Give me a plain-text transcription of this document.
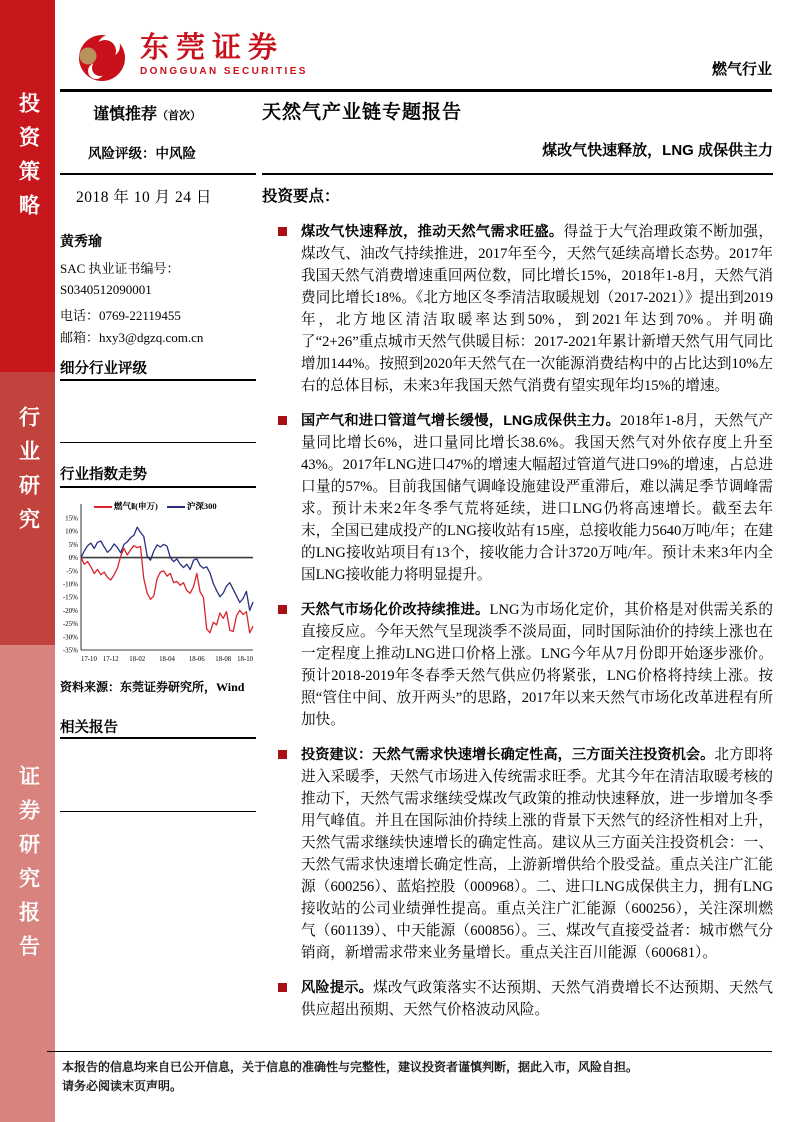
投资策略
行业研究
证券研究报告
东莞证券
DONGGUAN SECURITIES	燃气行业
谨慎推荐（首次）
风险评级：中风险
2018 年 10 月 24 日
黄秀瑜
SAC 执业证书编号：
S0340512090001
电话：0769-22119455
邮箱：hxy3@dgzq.com.cn
细分行业评级
行业指数走势
燃气Ⅱ(申万)	沪深300
15%
10%
5%
0%
-5%
-10%
-15%
-20%
-25%
-30%
-35%
17-10 17-12 18-02 18-04 18-06 18-08 18-10
资料来源：东莞证券研究所，Wind
相关报告
天然气产业链专题报告
煤改气快速释放，LNG 成保供主力
投资要点：
煤改气快速释放，推动天然气需求旺盛。得益于大气治理政策不断加强，煤改气、油改气持续推进，2017年至今，天然气延续高增长态势。2017年我国天然气消费增速重回两位数，同比增长15%，2018年1-8月，天然气消费同比增长18%。《北方地区冬季清洁取暖规划（2017-2021）》提出到2019年，北方地区清洁取暖率达到50%，到2021年达到70%。并明确了“2+26”重点城市天然气供暖目标：2017-2021年累计新增天然气用气同比增加144%。按照到2020年天然气在一次能源消费结构中的占比达到10%左右的总体目标，未来3年我国天然气消费有望实现年均15%的增速。
国产气和进口管道气增长缓慢，LNG成保供主力。2018年1-8月，天然气产量同比增长6%，进口量同比增长38.6%。我国天然气对外依存度上升至43%。2017年LNG进口47%的增速大幅超过管道气进口9%的增速，占总进口量的57%。目前我国储气调峰设施建设严重滞后，难以满足季节调峰需求。预计未来2年冬季气荒将延续，进口LNG仍将高速增长。截至去年末，全国已建成投产的LNG接收站有15座，总接收能力5640万吨/年；在建的LNG接收站项目有13个，接收能力合计3720万吨/年。预计未来3年内全国LNG接收能力将明显提升。
天然气市场化价改持续推进。LNG为市场化定价，其价格是对供需关系的直接反应。今年天然气呈现淡季不淡局面，同时国际油价的持续上涨也在一定程度上推动LNG进口价格上涨。LNG今年从7月份即开始逐步涨价。预计2018-2019年冬春季天然气供应仍将紧张，LNG价格将持续上涨。按照“管住中间、放开两头”的思路，2017年以来天然气市场化改革进程有所加快。
投资建议：天然气需求快速增长确定性高，三方面关注投资机会。北方即将进入采暖季，天然气市场进入传统需求旺季。尤其今年在清洁取暖考核的推动下，天然气需求继续受煤改气政策的推动快速释放，进一步增加冬季用气峰值。并且在国际油价持续上涨的背景下天然气的经济性相对上升，天然气需求继续快速增长的确定性高。建议从三方面关注投资机会：一、天然气需求快速增长确定性高，上游新增供给个股受益。重点关注广汇能源（600256）、蓝焰控股（000968）。二、进口LNG成保供主力，拥有LNG接收站的公司业绩弹性提高。重点关注广汇能源（600256），关注深圳燃气（601139）、中天能源（600856）。三、煤改气直接受益者：城市燃气分销商，新增需求带来业务量增长。重点关注百川能源（600681）。
风险提示。煤改气政策落实不达预期、天然气消费增长不达预期、天然气供应超出预期、天然气价格波动风险。
本报告的信息均来自已公开信息，关于信息的准确性与完整性，建议投资者谨慎判断，据此入市，风险自担。
请务必阅读末页声明。
